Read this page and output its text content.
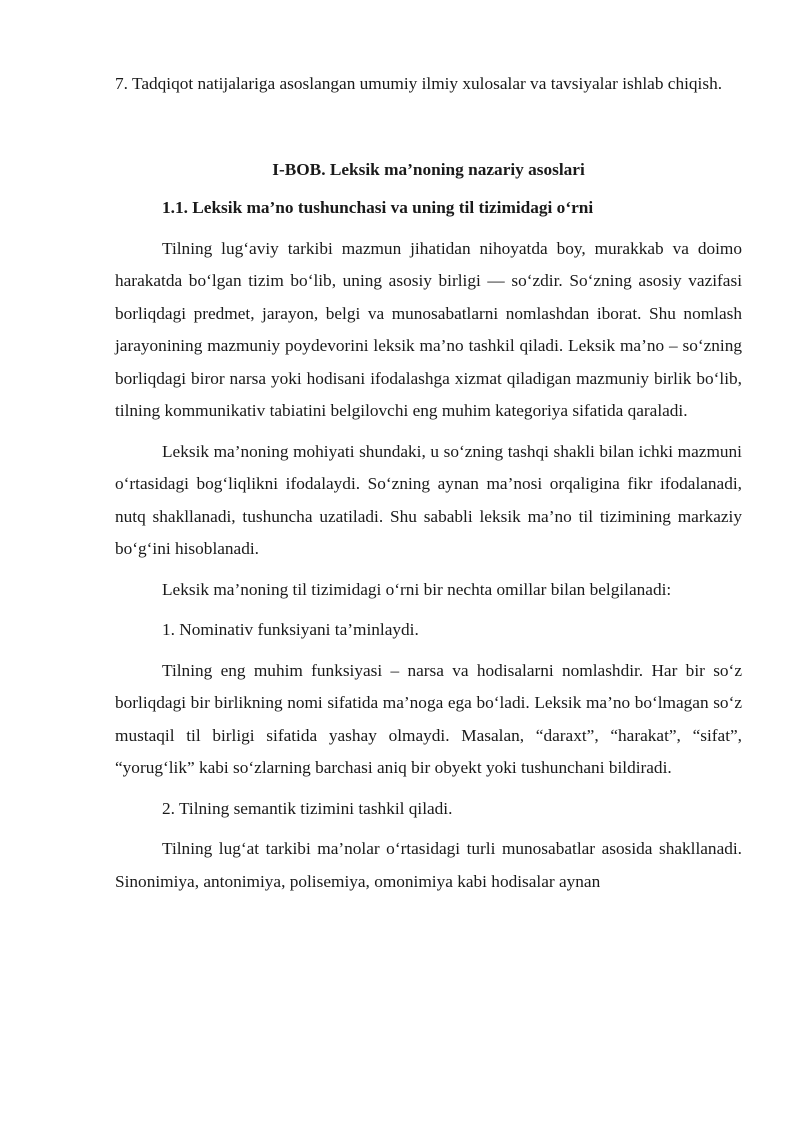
7. Tadqiqot natijalariga asoslangan umumiy ilmiy xulosalar va tavsiyalar ishlab chiqish.

I-BOB. Leksik ma’noning nazariy asoslari

1.1. Leksik ma’no tushunchasi va uning til tizimidagi o‘rni

Tilning lug‘aviy tarkibi mazmun jihatidan nihoyatda boy, murakkab va doimo harakatda bo‘lgan tizim bo‘lib, uning asosiy birligi — so‘zdir. So‘zning asosiy vazifasi borliqdagi predmet, jarayon, belgi va munosabatlarni nomlashdan iborat. Shu nomlash jarayonining mazmuniy poydevorini leksik ma’no tashkil qiladi. Leksik ma’no – so‘zning borliqdagi biror narsa yoki hodisani ifodalashga xizmat qiladigan mazmuniy birlik bo‘lib, tilning kommunikativ tabiatini belgilovchi eng muhim kategoriya sifatida qaraladi.

Leksik ma’noning mohiyati shundaki, u so‘zning tashqi shakli bilan ichki mazmuni o‘rtasidagi bog‘liqlikni ifodalaydi. So‘zning aynan ma’nosi orqaligina fikr ifodalanadi, nutq shakllanadi, tushuncha uzatiladi. Shu sababli leksik ma’no til tizimining markaziy bo‘g‘ini hisoblanadi.

Leksik ma’noning til tizimidagi o‘rni bir nechta omillar bilan belgilanadi:

1. Nominativ funksiyani ta’minlaydi.

Tilning eng muhim funksiyasi – narsa va hodisalarni nomlashdir. Har bir so‘z borliqdagi bir birlikning nomi sifatida ma’noga ega bo‘ladi. Leksik ma’no bo‘lmagan so‘z mustaqil til birligi sifatida yashay olmaydi. Masalan, “daraxt”, “harakat”, “sifat”, “yorug‘lik” kabi so‘zlarning barchasi aniq bir obyekt yoki tushunchani bildiradi.

2. Tilning semantik tizimini tashkil qiladi.

Tilning lug‘at tarkibi ma’nolar o‘rtasidagi turli munosabatlar asosida shakllanadi. Sinonimiya, antonimiya, polisemiya, omonimiya kabi hodisalar aynan
